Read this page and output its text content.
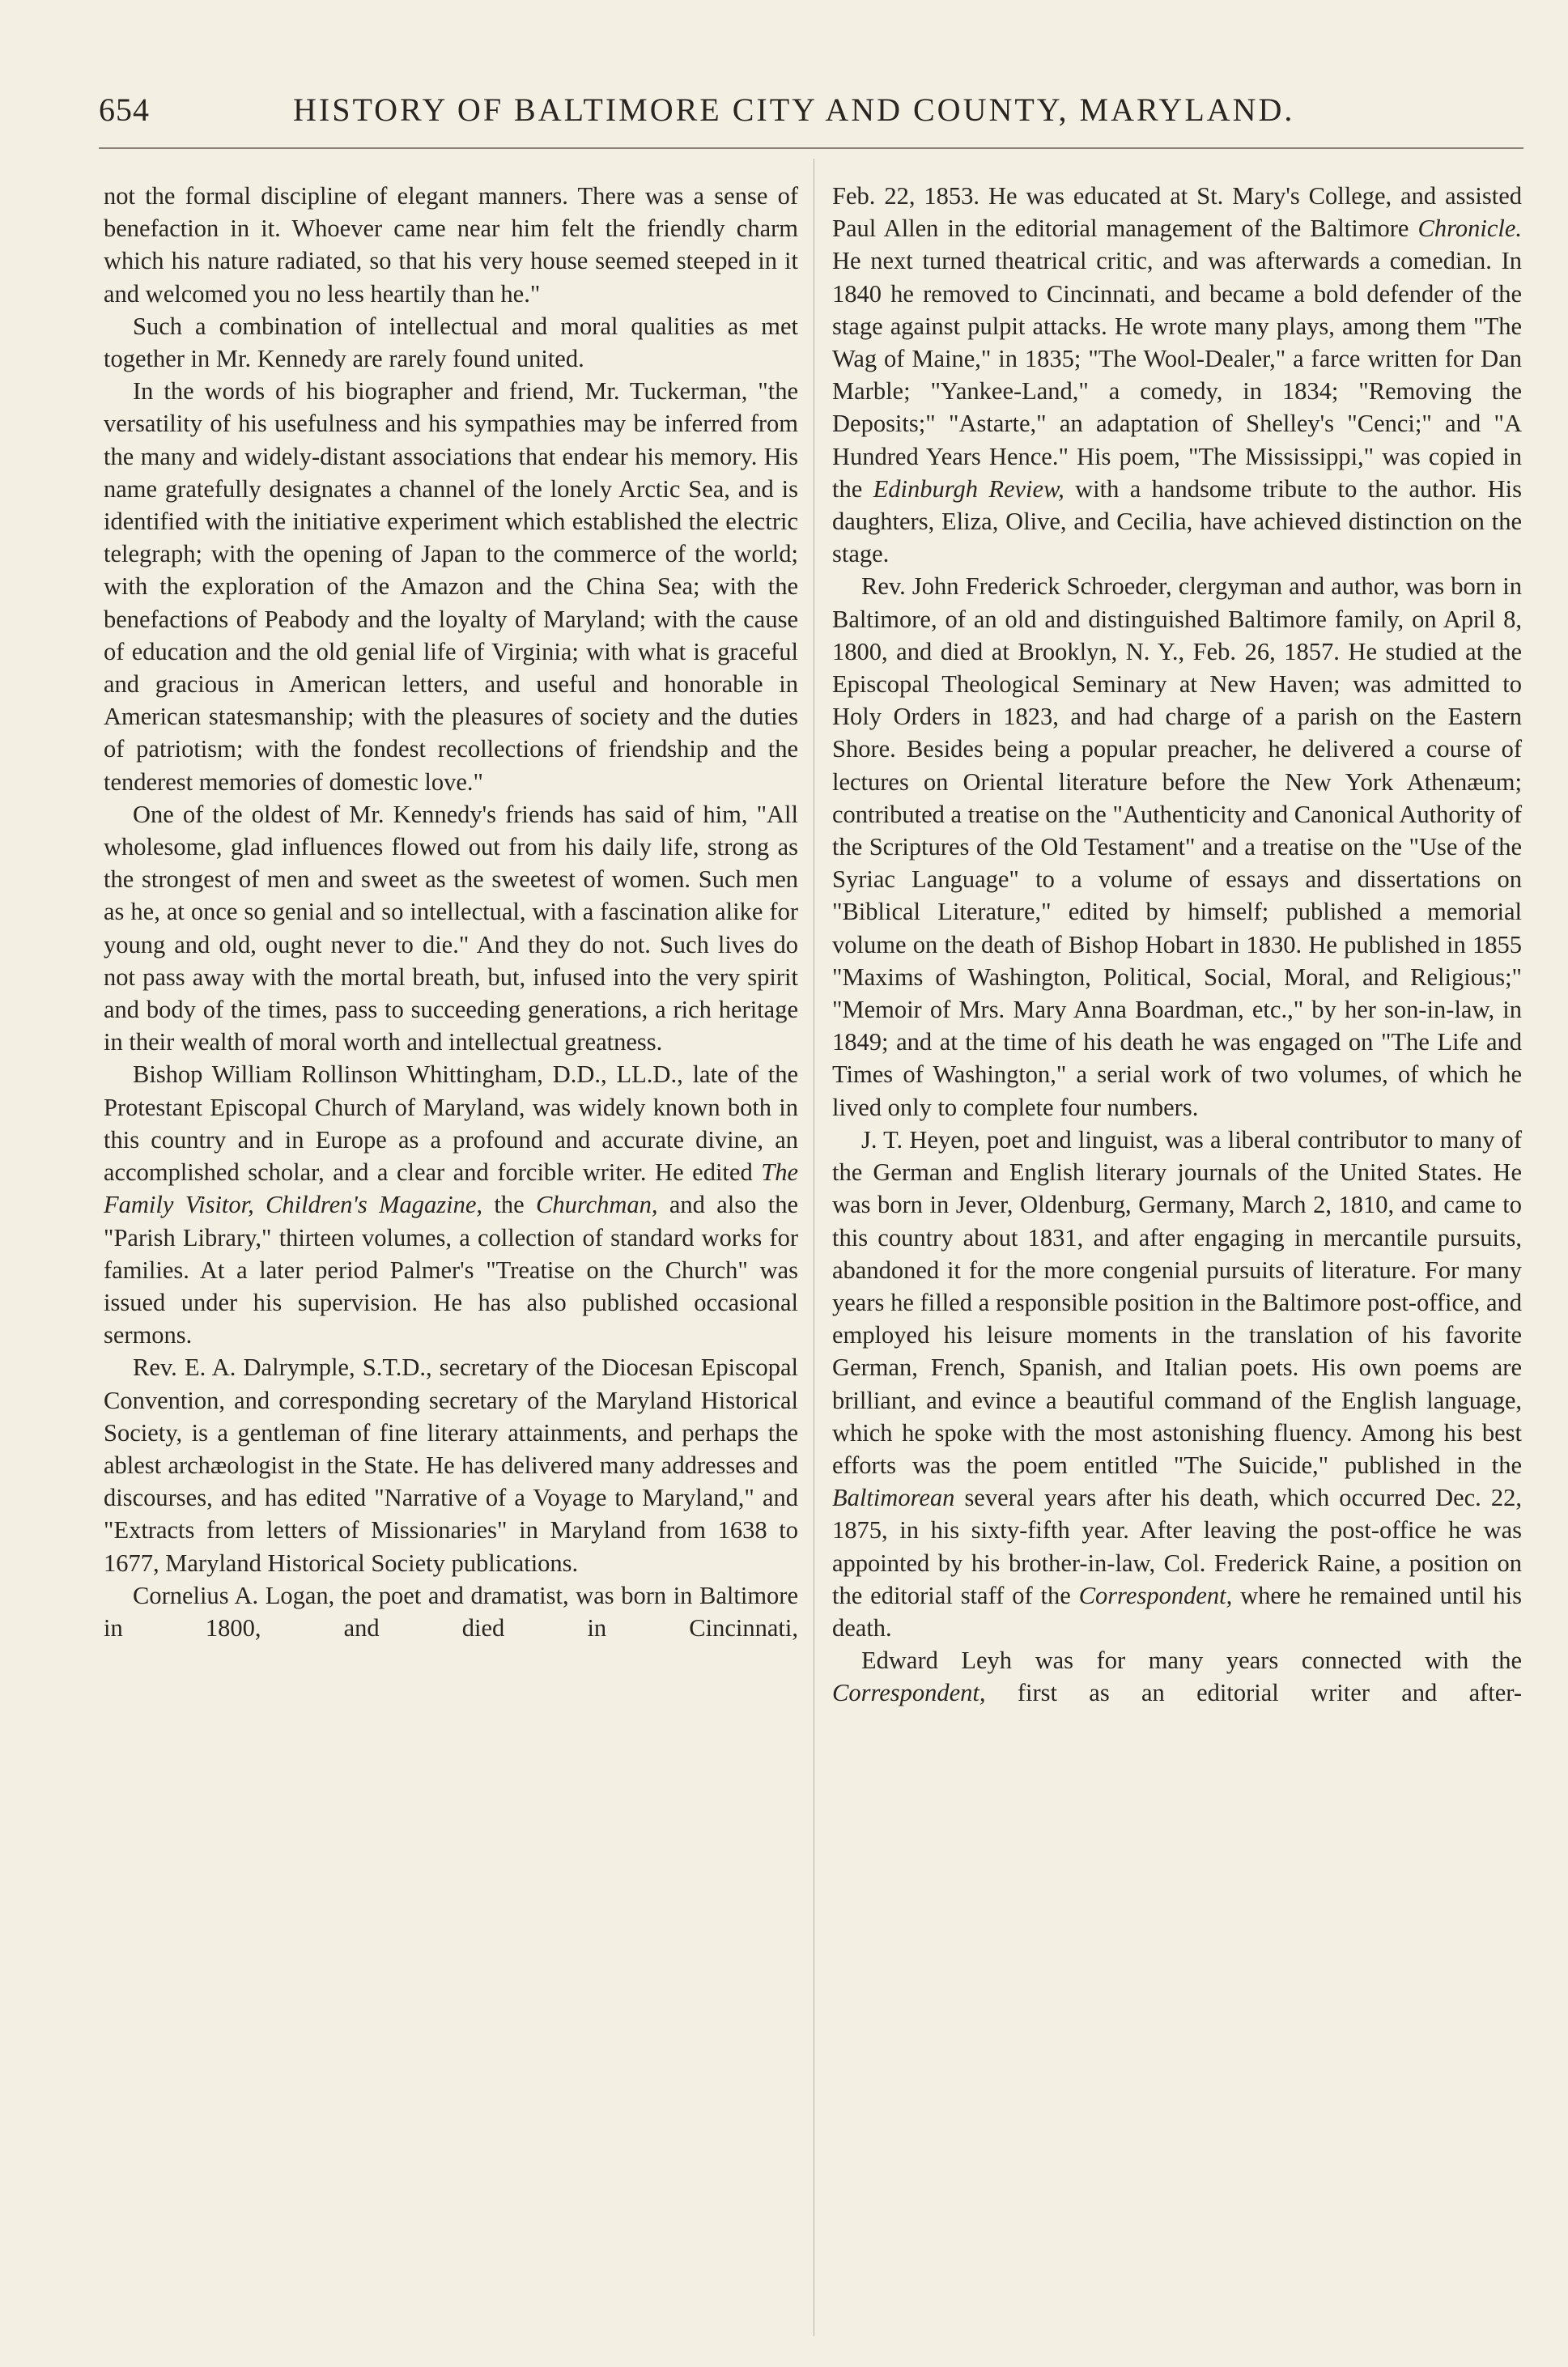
654	HISTORY OF BALTIMORE CITY AND COUNTY, MARYLAND.

not the formal discipline of elegant manners. There was a sense of benefaction in it. Whoever came near him felt the friendly charm which his nature radiated, so that his very house seemed steeped in it and welcomed you no less heartily than he."

Such a combination of intellectual and moral qualities as met together in Mr. Kennedy are rarely found united.

In the words of his biographer and friend, Mr. Tuckerman, "the versatility of his usefulness and his sympathies may be inferred from the many and widely-distant associations that endear his memory. His name gratefully designates a channel of the lonely Arctic Sea, and is identified with the initiative experiment which established the electric telegraph; with the opening of Japan to the commerce of the world; with the exploration of the Amazon and the China Sea; with the benefactions of Peabody and the loyalty of Maryland; with the cause of education and the old genial life of Virginia; with what is graceful and gracious in American letters, and useful and honorable in American statesmanship; with the pleasures of society and the duties of patriotism; with the fondest recollections of friendship and the tenderest memories of domestic love."

One of the oldest of Mr. Kennedy's friends has said of him, "All wholesome, glad influences flowed out from his daily life, strong as the strongest of men and sweet as the sweetest of women. Such men as he, at once so genial and so intellectual, with a fascination alike for young and old, ought never to die." And they do not. Such lives do not pass away with the mortal breath, but, infused into the very spirit and body of the times, pass to succeeding generations, a rich heritage in their wealth of moral worth and intellectual greatness.

Bishop William Rollinson Whittingham, D.D., LL.D., late of the Protestant Episcopal Church of Maryland, was widely known both in this country and in Europe as a profound and accurate divine, an accomplished scholar, and a clear and forcible writer. He edited The Family Visitor, Children's Magazine, the Churchman, and also the "Parish Library," thirteen volumes, a collection of standard works for families. At a later period Palmer's "Treatise on the Church" was issued under his supervision. He has also published occasional sermons.

Rev. E. A. Dalrymple, S.T.D., secretary of the Diocesan Episcopal Convention, and corresponding secretary of the Maryland Historical Society, is a gentleman of fine literary attainments, and perhaps the ablest archæologist in the State. He has delivered many addresses and discourses, and has edited "Narrative of a Voyage to Maryland," and "Extracts from letters of Missionaries" in Maryland from 1638 to 1677, Maryland Historical Society publications.

Cornelius A. Logan, the poet and dramatist, was born in Baltimore in 1800, and died in Cincinnati,

Feb. 22, 1853. He was educated at St. Mary's College, and assisted Paul Allen in the editorial management of the Baltimore Chronicle. He next turned theatrical critic, and was afterwards a comedian. In 1840 he removed to Cincinnati, and became a bold defender of the stage against pulpit attacks. He wrote many plays, among them "The Wag of Maine," in 1835; "The Wool-Dealer," a farce written for Dan Marble; "Yankee-Land," a comedy, in 1834; "Removing the Deposits;" "Astarte," an adaptation of Shelley's "Cenci;" and "A Hundred Years Hence." His poem, "The Mississippi," was copied in the Edinburgh Review, with a handsome tribute to the author. His daughters, Eliza, Olive, and Cecilia, have achieved distinction on the stage.

Rev. John Frederick Schroeder, clergyman and author, was born in Baltimore, of an old and distinguished Baltimore family, on April 8, 1800, and died at Brooklyn, N. Y., Feb. 26, 1857. He studied at the Episcopal Theological Seminary at New Haven; was admitted to Holy Orders in 1823, and had charge of a parish on the Eastern Shore. Besides being a popular preacher, he delivered a course of lectures on Oriental literature before the New York Athenæum; contributed a treatise on the "Authenticity and Canonical Authority of the Scriptures of the Old Testament" and a treatise on the "Use of the Syriac Language" to a volume of essays and dissertations on "Biblical Literature," edited by himself; published a memorial volume on the death of Bishop Hobart in 1830. He published in 1855 "Maxims of Washington, Political, Social, Moral, and Religious;" "Memoir of Mrs. Mary Anna Boardman, etc.," by her son-in-law, in 1849; and at the time of his death he was engaged on "The Life and Times of Washington," a serial work of two volumes, of which he lived only to complete four numbers.

J. T. Heyen, poet and linguist, was a liberal contributor to many of the German and English literary journals of the United States. He was born in Jever, Oldenburg, Germany, March 2, 1810, and came to this country about 1831, and after engaging in mercantile pursuits, abandoned it for the more congenial pursuits of literature. For many years he filled a responsible position in the Baltimore post-office, and employed his leisure moments in the translation of his favorite German, French, Spanish, and Italian poets. His own poems are brilliant, and evince a beautiful command of the English language, which he spoke with the most astonishing fluency. Among his best efforts was the poem entitled "The Suicide," published in the Baltimorean several years after his death, which occurred Dec. 22, 1875, in his sixty-fifth year. After leaving the post-office he was appointed by his brother-in-law, Col. Frederick Raine, a position on the editorial staff of the Correspondent, where he remained until his death.

Edward Leyh was for many years connected with the Correspondent, first as an editorial writer and after-
